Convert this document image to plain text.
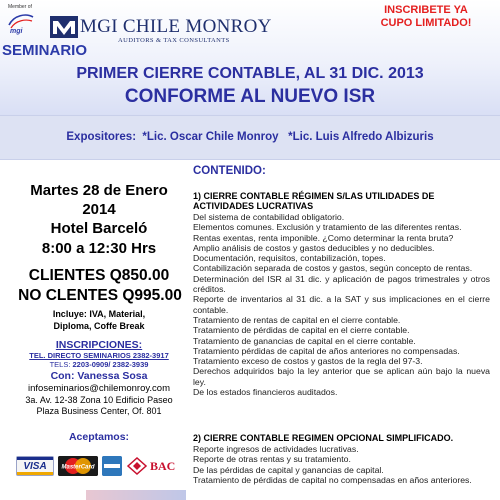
Member of
mgi	MGI CHILE MONROY
AUDITORS & TAX CONSULTANTS
INSCRIBETE YA
CUPO LIMITADO!
SEMINARIO
PRIMER CIERRE CONTABLE, AL 31 DIC. 2013
CONFORME AL NUEVO ISR
Expositores:  *Lic. Oscar Chile Monroy   *Lic. Luis Alfredo Albizuris
Martes 28 de Enero
2014
Hotel Barceló
8:00 a 12:30 Hrs
CLIENTES Q850.00
NO CLENTES Q995.00
Incluye: IVA, Material,
Diploma, Coffe Break
INSCRIPCIONES:
TEL. DIRECTO SEMINARIOS 2382-3917
TELS: 2203-0909/ 2382-3939
Con: Vanessa Sosa
infoseminarios@chilemonroy.com
3a. Av. 12-38 Zona 10 Edificio Paseo
Plaza Business Center, Of. 801
Aceptamos:
VISA	MasterCard	BAC
CONTENIDO:
1) CIERRE CONTABLE RÉGIMEN S/LAS UTILIDADES DE ACTIVIDADES LUCRATIVAS
Del sistema de contabilidad obligatorio.
Elementos comunes. Exclusión y tratamiento de las diferentes rentas.
Rentas exentas, renta imponible. ¿Como determinar la renta bruta?
Amplio análisis de costos y gastos deducibles y no deducibles.
Documentación, requisitos, contabilización, topes.
Contabilización separada de costos y gastos, según concepto de rentas.
Determinación del ISR al 31 dic. y aplicación de pagos trimestrales y otros créditos.
Reporte de inventarios al 31 dic. a la SAT y sus implicaciones en el cierre contable.
Tratamiento de rentas de capital en el cierre contable.
Tratamiento de pérdidas de capital en el cierre contable.
Tratamiento de ganancias de capital en el cierre contable.
Tratamiento pérdidas de capital de años anteriores no compensadas.
Tratamiento exceso de costos y gastos de la regla del 97-3.
Derechos adquiridos bajo la ley anterior que se aplican aún bajo la nueva ley.
De los estados financieros auditados.
2) CIERRE CONTABLE REGIMEN OPCIONAL SIMPLIFICADO.
Reporte ingresos de actividades lucrativas.
Reporte de otras rentas y su tratamiento.
De las pérdidas de capital y ganancias de capital.
Tratamiento de pérdidas de capital no compensadas en años anteriores.
